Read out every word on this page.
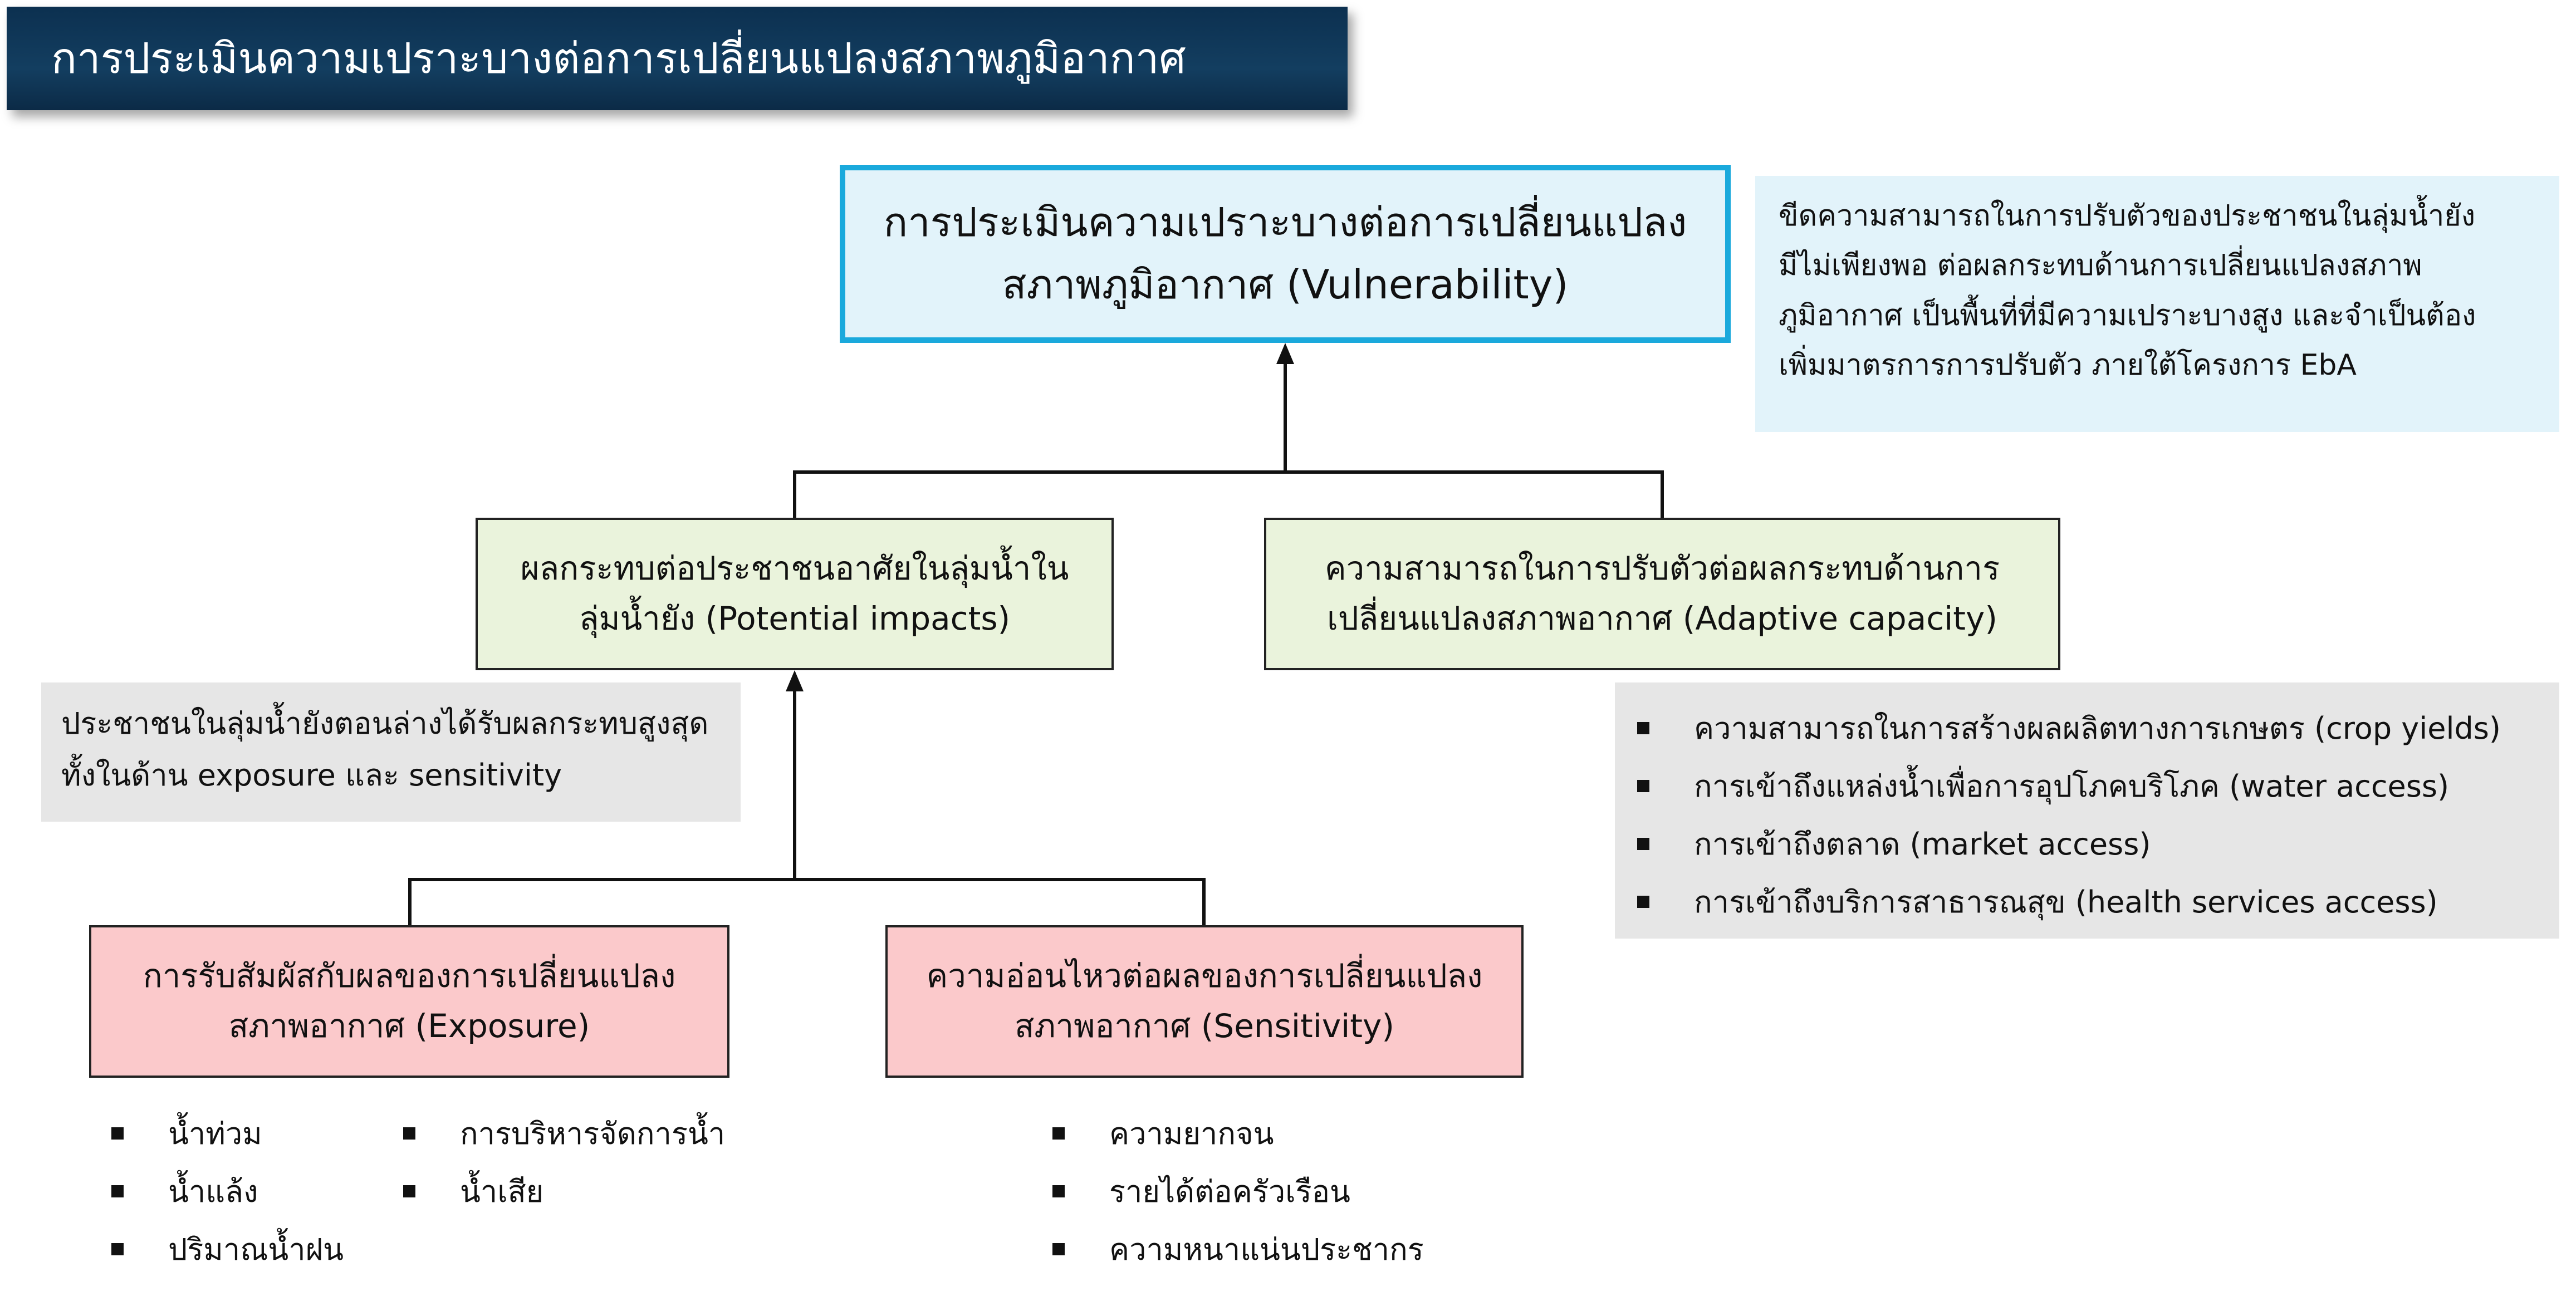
การประเมินความเปราะบางต่อการเปลี่ยนแปลงสภาพภูมิอากาศ
การประเมินความเปราะบางต่อการเปลี่ยนแปลง
สภาพภูมิอากาศ (Vulnerability)
ขีดความสามารถในการปรับตัวของประชาชนในลุ่มน้ำยัง
มีไม่เพียงพอ ต่อผลกระทบด้านการเปลี่ยนแปลงสภาพ
ภูมิอากาศ เป็นพื้นที่ที่มีความเปราะบางสูง และจำเป็นต้อง
เพิ่มมาตรการการปรับตัว ภายใต้โครงการ EbA
ผลกระทบต่อประชาชนอาศัยในลุ่มน้ำใน
ลุ่มน้ำยัง (Potential impacts)
ความสามารถในการปรับตัวต่อผลกระทบด้านการ
เปลี่ยนแปลงสภาพอากาศ (Adaptive capacity)
ประชาชนในลุ่มน้ำยังตอนล่างได้รับผลกระทบสูงสุด
ทั้งในด้าน exposure และ sensitivity
ความสามารถในการสร้างผลผลิตทางการเกษตร (crop yields)
การเข้าถึงแหล่งน้ำเพื่อการอุปโภคบริโภค (water access)
การเข้าถึงตลาด (market access)
การเข้าถึงบริการสาธารณสุข (health services access)
การรับสัมผัสกับผลของการเปลี่ยนแปลง
สภาพอากาศ (Exposure)
ความอ่อนไหวต่อผลของการเปลี่ยนแปลง
สภาพอากาศ (Sensitivity)
น้ำท่วม
น้ำแล้ง
ปริมาณน้ำฝน
การบริหารจัดการน้ำ
น้ำเสีย
ความยากจน
รายได้ต่อครัวเรือน
ความหนาแน่นประชากร
